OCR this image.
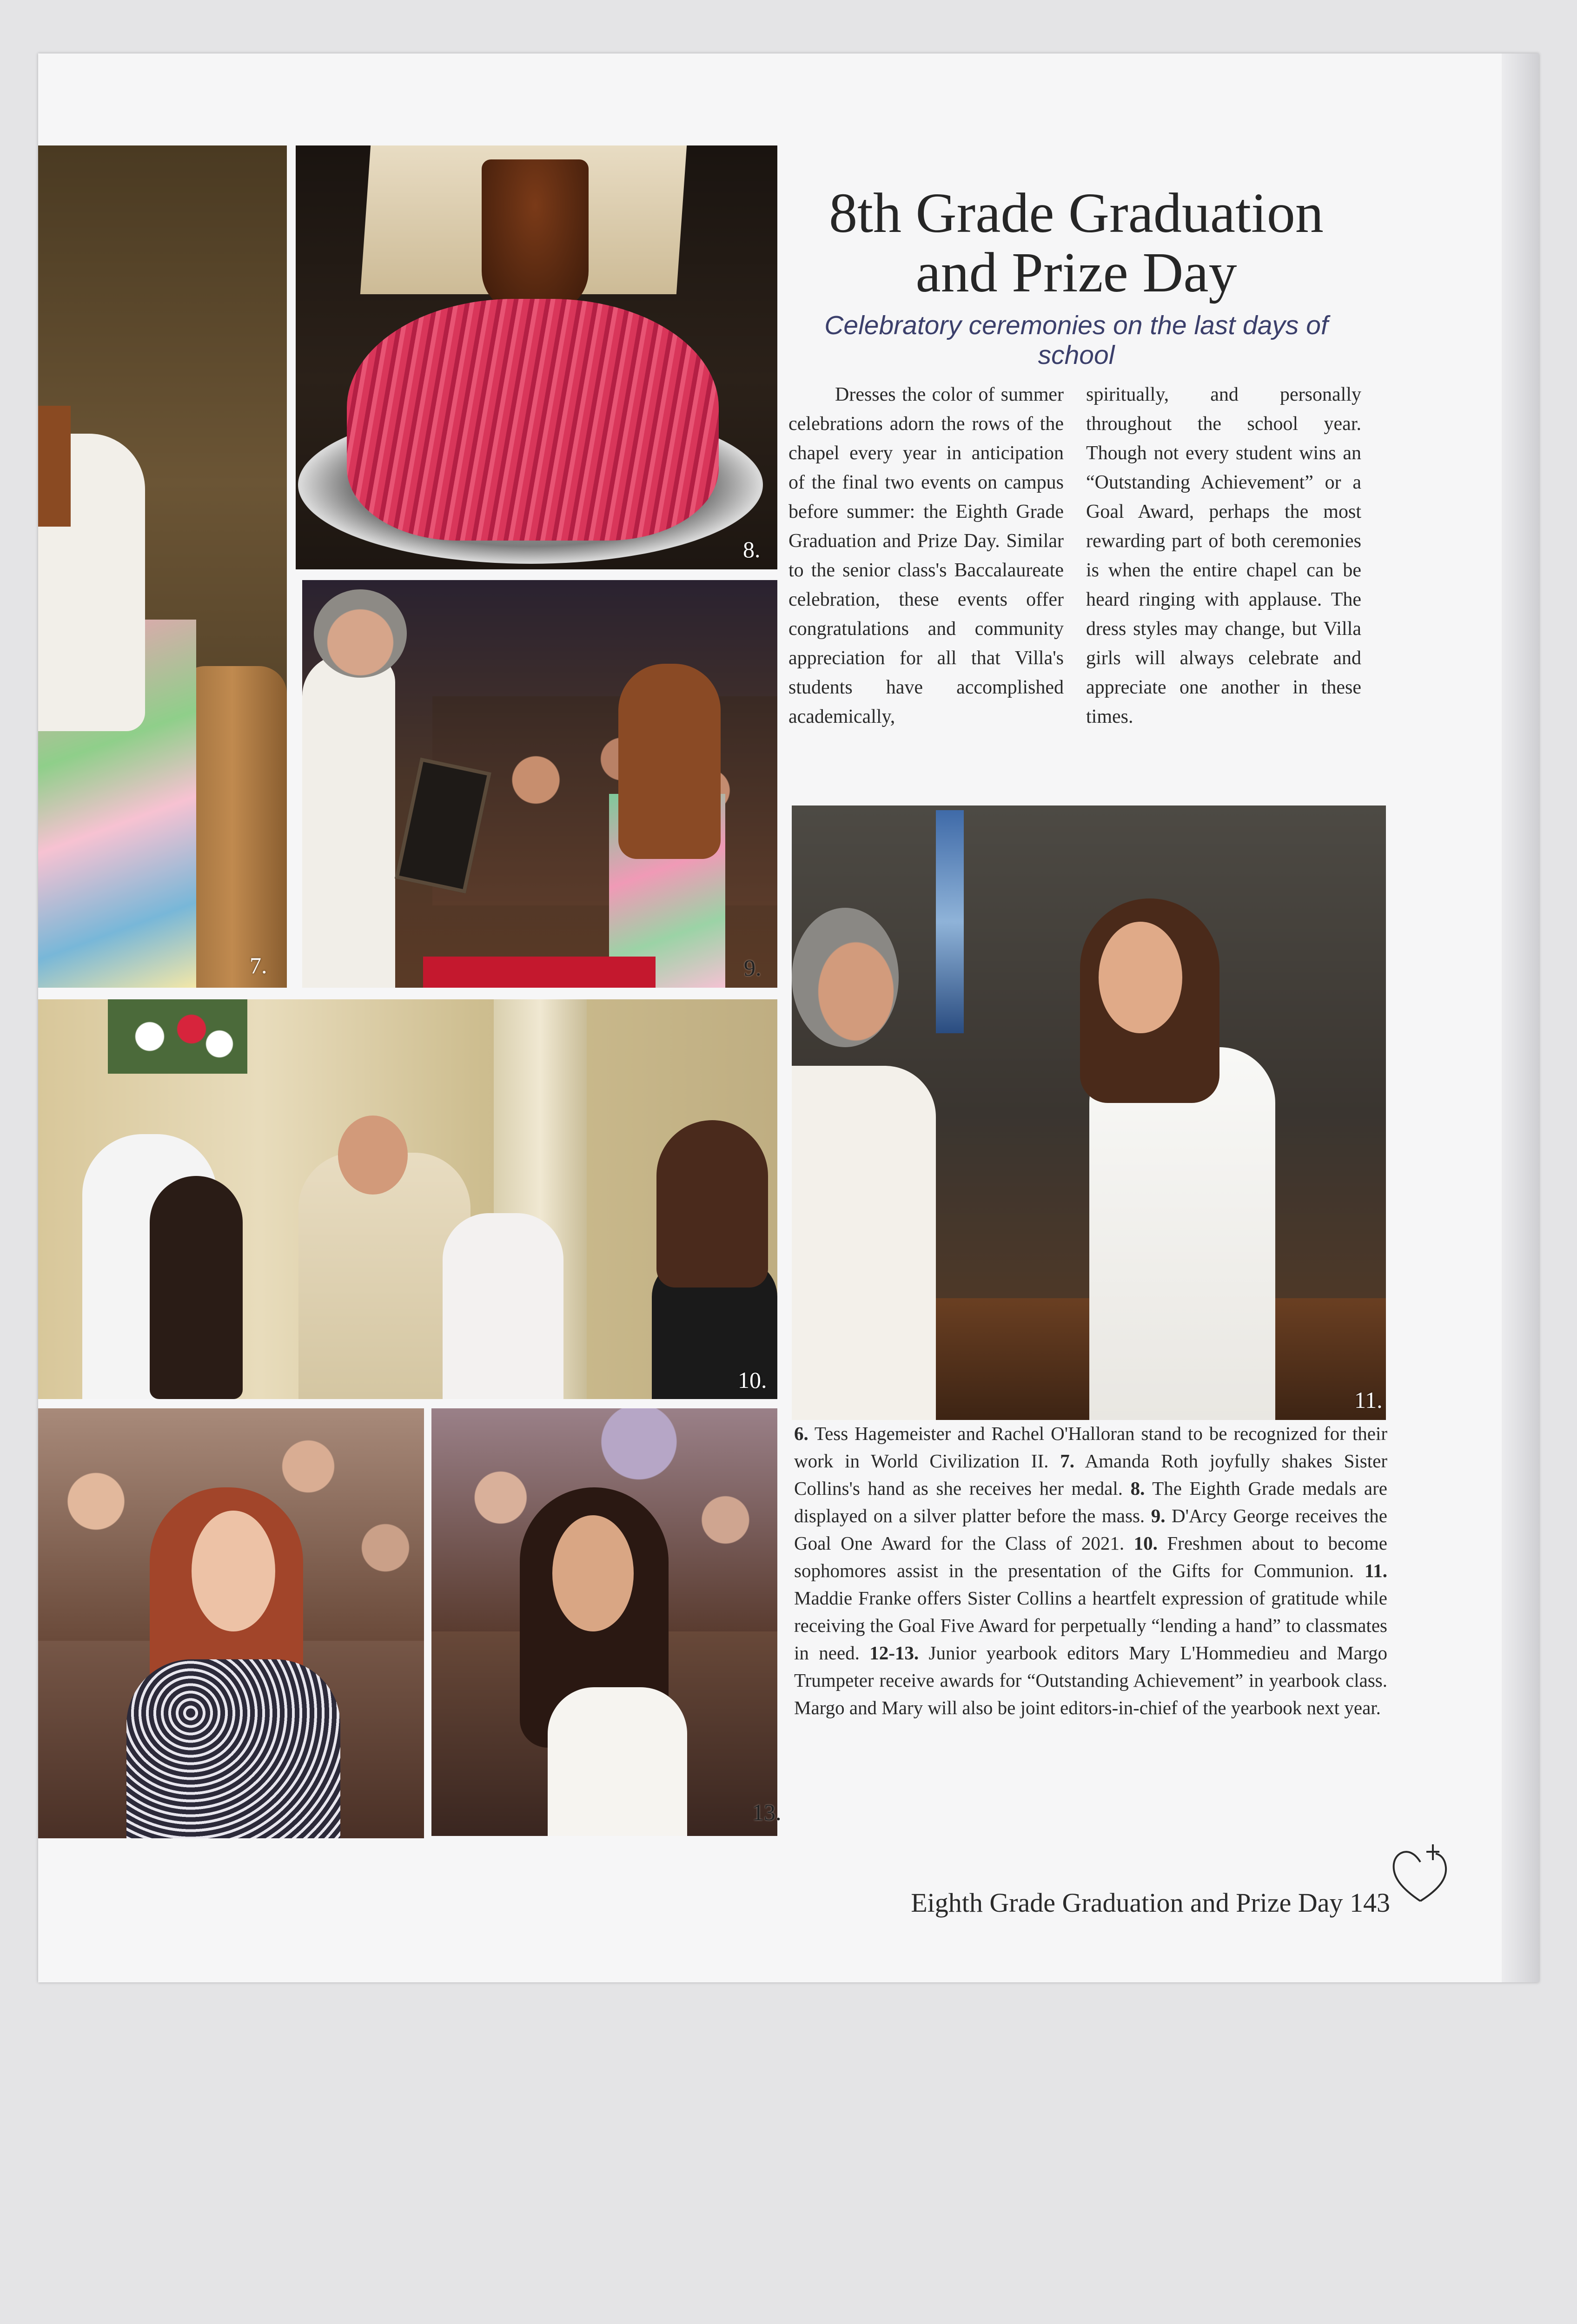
7.
8.
9.
10.
11.
13.
8th Grade Graduation
and Prize Day
Celebratory ceremonies on the last days of school
Dresses the color of summer celebrations adorn the rows of the chapel every year in anticipation of the final two events on campus before summer: the Eighth Grade Graduation and Prize Day. Similar to the senior class's Baccalaureate celebration, these events offer congratulations and community appreciation for all that Villa's students have accomplished academically,
spiritually, and personally throughout the school year. Though not every student wins an “Outstanding Achievement” or a Goal Award, perhaps the most rewarding part of both ceremonies is when the entire chapel can be heard ringing with applause. The dress styles may change, but Villa girls will always celebrate and appreciate one another in these times.
6. Tess Hagemeister and Rachel O'Halloran stand to be recognized for their work in World Civilization II. 7. Amanda Roth joyfully shakes Sister Collins's hand as she receives her medal. 8. The Eighth Grade medals are displayed on a silver platter before the mass. 9. D'Arcy George receives the Goal One Award for the Class of 2021. 10. Freshmen about to become sophomores assist in the presentation of the Gifts for Communion. 11. Maddie Franke offers Sister Collins a heartfelt expression of gratitude while receiving the Goal Five Award for perpetually “lending a hand” to classmates in need. 12-13. Junior yearbook editors Mary L'Hommedieu and Margo Trumpeter receive awards for “Outstanding Achievement” in yearbook class. Margo and Mary will also be joint editors-in-chief of the yearbook next year.
Eighth Grade Graduation and Prize Day 143
